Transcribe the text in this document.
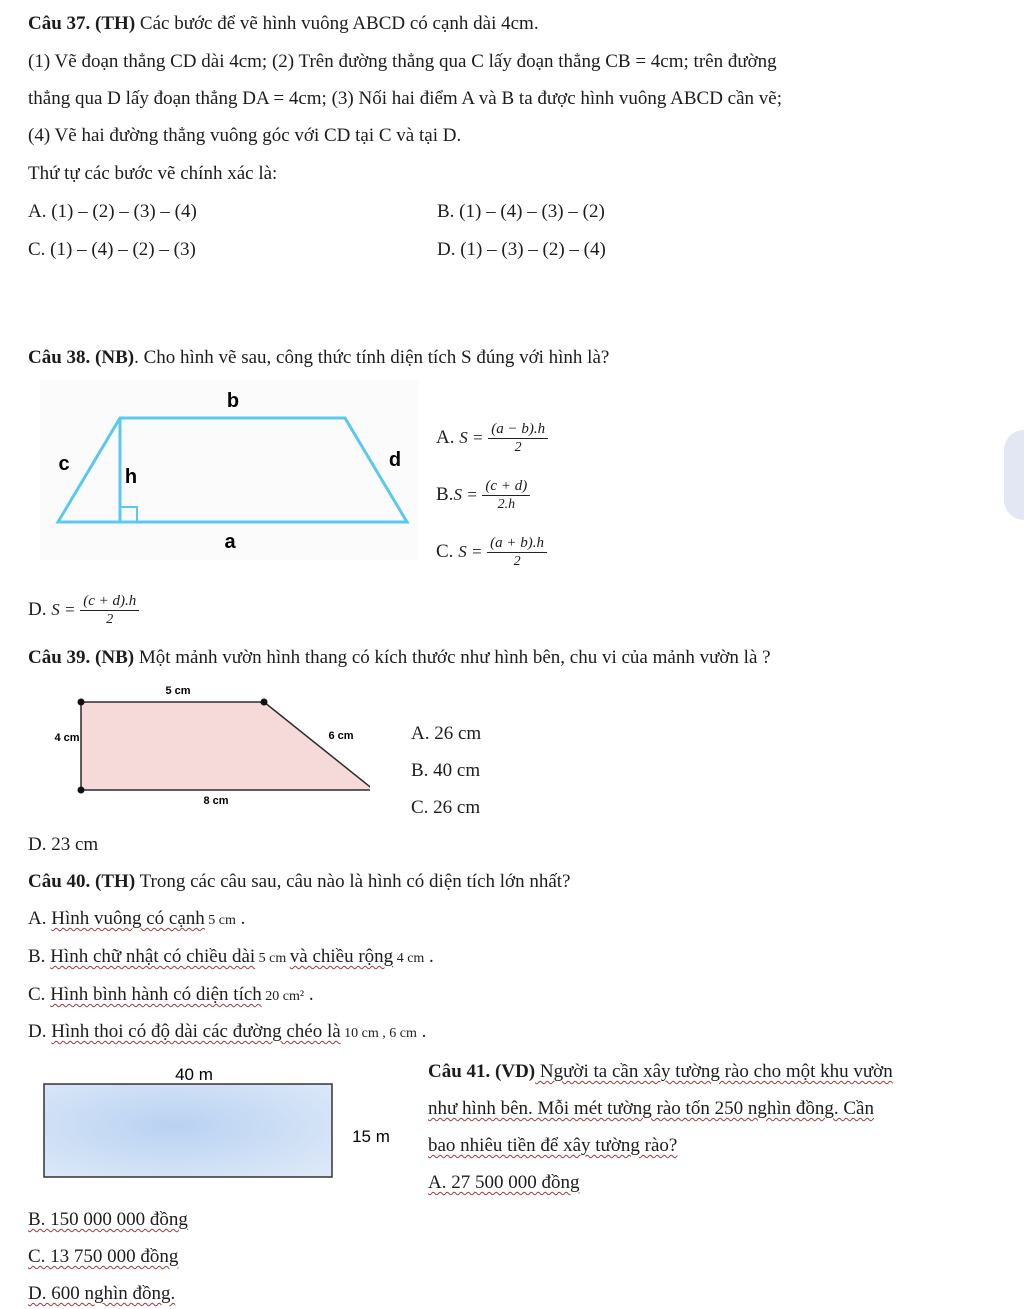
Câu 37. (TH) Các bước để vẽ hình vuông ABCD có cạnh dài 4cm.
(1) Vẽ đoạn thẳng CD dài 4cm; (2) Trên đường thẳng qua C lấy đoạn thẳng CB = 4cm; trên đường
thẳng qua D lấy đoạn thẳng DA = 4cm; (3) Nối hai điểm A và B ta được hình vuông ABCD cần vẽ;
(4) Vẽ hai đường thẳng vuông góc với CD tại C và tại D.
Thứ tự các bước vẽ chính xác là:
A. (1) – (2) – (3) – (4)	B. (1) – (4) – (3) – (2)
C. (1) – (4) – (2) – (3)	D. (1) – (3) – (2) – (4)
Câu 38. (NB). Cho hình vẽ sau, công thức tính diện tích S đúng với hình là?
b
c
h
d
a
A. $S = \frac{(a - b).h}{2}$
$B.S = \frac{(c + d)}{2.h}$
C. $S = \frac{(a + b).h}{2}$
D. $S = \frac{(c + d).h}{2}$
Câu 39. (NB) Một mảnh vườn hình thang có kích thước như hình bên, chu vi của mảnh vườn là ?
5 cm
4 cm	6 cm
8 cm
A. 26 cm
B. 40 cm
C. 26 cm
D. 23 cm
Câu 40. (TH) Trong các câu sau, câu nào là hình có diện tích lớn nhất?
A. Hình vuông có cạnh 5 cm .
B. Hình chữ nhật có chiều dài 5 cm và chiều rộng 4 cm .
C. Hình bình hành có diện tích 20 cm² .
D. Hình thoi có độ dài các đường chéo là 10 cm , 6 cm .
40 m
15 m
Câu 41. (VD) Người ta cần xây tường rào cho một khu vườn
như hình bên. Mỗi mét tường rào tốn 250 nghìn đồng. Cần
bao nhiêu tiền để xây tường rào?
A. 27 500 000 đồng
B. 150 000 000 đồng
C. 13 750 000 đồng
D. 600 nghìn đồng.
